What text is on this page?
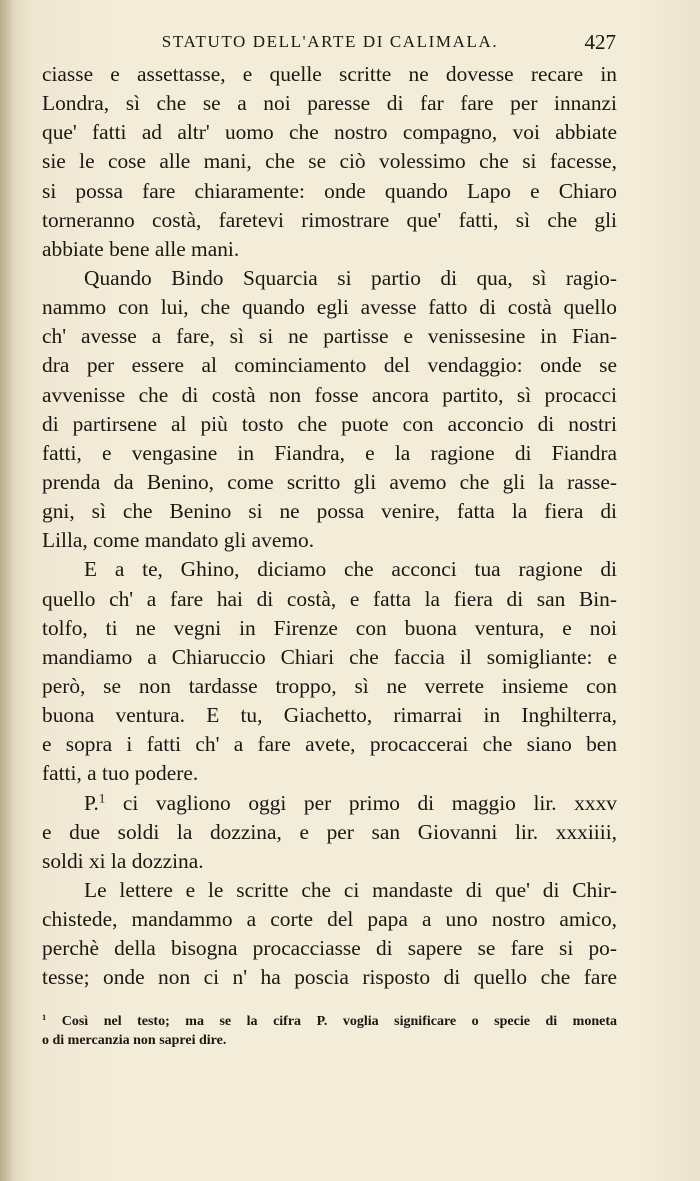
STATUTO DELL'ARTE DI CALIMALA.	427

ciasse e assettasse, e quelle scritte ne dovesse recare in
Londra, sì che se a noi paresse di far fare per innanzi
que' fatti ad altr' uomo che nostro compagno, voi abbiate
sie le cose alle mani, che se ciò volessimo che si facesse,
si possa fare chiaramente: onde quando Lapo e Chiaro
torneranno costà, faretevi rimostrare que' fatti, sì che gli
abbiate bene alle mani.

Quando Bindo Squarcia si partio di qua, sì ragio-
nammo con lui, che quando egli avesse fatto di costà quello
ch' avesse a fare, sì si ne partisse e venissesine in Fian-
dra per essere al cominciamento del vendaggio: onde se
avvenisse che di costà non fosse ancora partito, sì procacci
di partirsene al più tosto che puote con acconcio di nostri
fatti, e vengasine in Fiandra, e la ragione di Fiandra
prenda da Benino, come scritto gli avemo che gli la rasse-
gni, sì che Benino si ne possa venire, fatta la fiera di
Lilla, come mandato gli avemo.

E a te, Ghino, diciamo che acconci tua ragione di
quello ch' a fare hai di costà, e fatta la fiera di san Bin-
tolfo, ti ne vegni in Firenze con buona ventura, e noi
mandiamo a Chiaruccio Chiari che faccia il somigliante: e
però, se non tardasse troppo, sì ne verrete insieme con
buona ventura. E tu, Giachetto, rimarrai in Inghilterra,
e sopra i fatti ch' a fare avete, procaccerai che siano ben
fatti, a tuo podere.

P.$^1$ ci vagliono oggi per primo di maggio lir. xxxv
e due soldi la dozzina, e per san Giovanni lir. xxxiiii,
soldi xi la dozzina.

Le lettere e le scritte che ci mandaste di que' di Chir-
chistede, mandammo a corte del papa a uno nostro amico,
perchè della bisogna procacciasse di sapere se fare si po-
tesse; onde non ci n' ha poscia risposto di quello che fare

$^1$ Così nel testo; ma se la cifra P. voglia significare o specie di moneta
o di mercanzia non saprei dire.
